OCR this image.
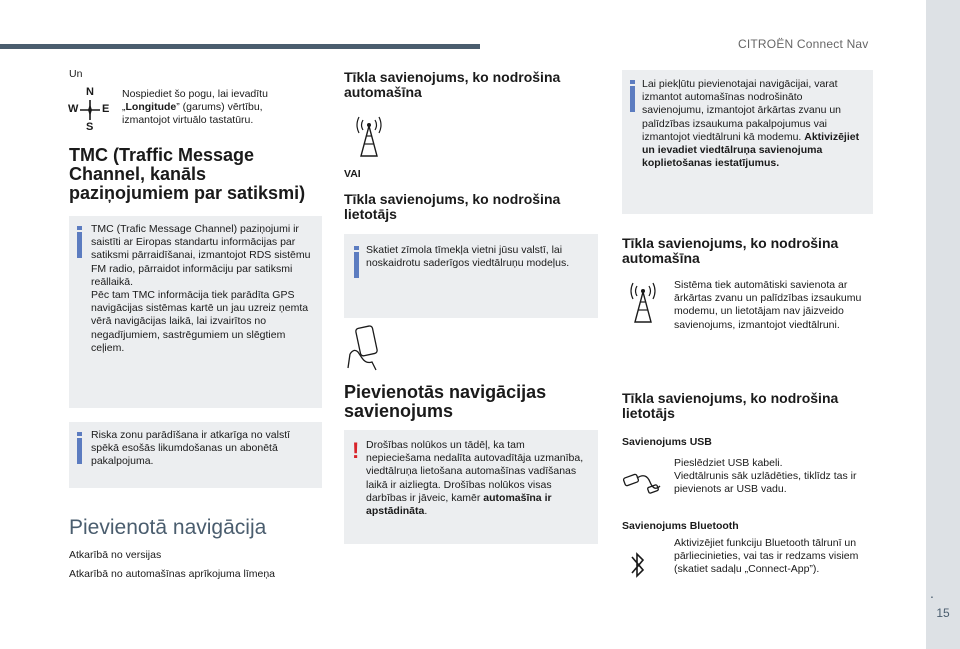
CITROËN Connect Nav
.
15
Un
N
W E
S
Nospiediet šo pogu, lai ievadītu „Longitude” (garums) vērtību, izmantojot virtuālo tastatūru.
TMC (Traffic Message Channel, kanāls paziņojumiem par satiksmi)
TMC (Trafic Message Channel) paziņojumi ir saistīti ar Eiropas standartu informācijas par satiksmi pārraidīšanai, izmantojot RDS sistēmu FM radio, pārraidot informāciju par satiksmi reāllaikā.
Pēc tam TMC informācija tiek parādīta GPS navigācijas sistēmas kartē un jau uzreiz ņemta vērā navigācijas laikā, lai izvairītos no negadījumiem, sastrēgumiem un slēgtiem ceļiem.
Riska zonu parādīšana ir atkarīga no valstī spēkā esošās likumdošanas un abonētā pakalpojuma.
Pievienotā navigācija
Atkarībā no versijas
Atkarībā no automašīnas aprīkojuma līmeņa
Tīkla savienojums, ko nodrošina automašīna
VAI
Tīkla savienojums, ko nodrošina lietotājs
Skatiet zīmola tīmekļa vietni jūsu valstī, lai noskaidrotu saderīgos viedtālruņu modeļus.
Pievienotās navigācijas savienojums
! Drošības nolūkos un tādēļ, ka tam nepieciešama nedalīta autovadītāja uzmanība, viedtālruņa lietošana automašīnas vadīšanas laikā ir aizliegta. Drošības nolūkos visas darbības ir jāveic, kamēr automašīna ir apstādināta.
Lai piekļūtu pievienotajai navigācijai, varat izmantot automašīnas nodrošināto savienojumu, izmantojot ārkārtas zvanu un palīdzības izsaukuma pakalpojumus vai izmantojot viedtālruni kā modemu. Aktivizējiet un ievadiet viedtālruņa savienojuma koplietošanas iestatījumus.
Tīkla savienojums, ko nodrošina automašīna
Sistēma tiek automātiski savienota ar ārkārtas zvanu un palīdzības izsaukumu modemu, un lietotājam nav jāizveido savienojums, izmantojot viedtālruni.
Tīkla savienojums, ko nodrošina lietotājs
Savienojums USB
Pieslēdziet USB kabeli.
Viedtālrunis sāk uzlādēties, tiklīdz tas ir pievienots ar USB vadu.
Savienojums Bluetooth
Aktivizējiet funkciju Bluetooth tālrunī un pārliecinieties, vai tas ir redzams visiem (skatiet sadaļu „Connect-App”).
